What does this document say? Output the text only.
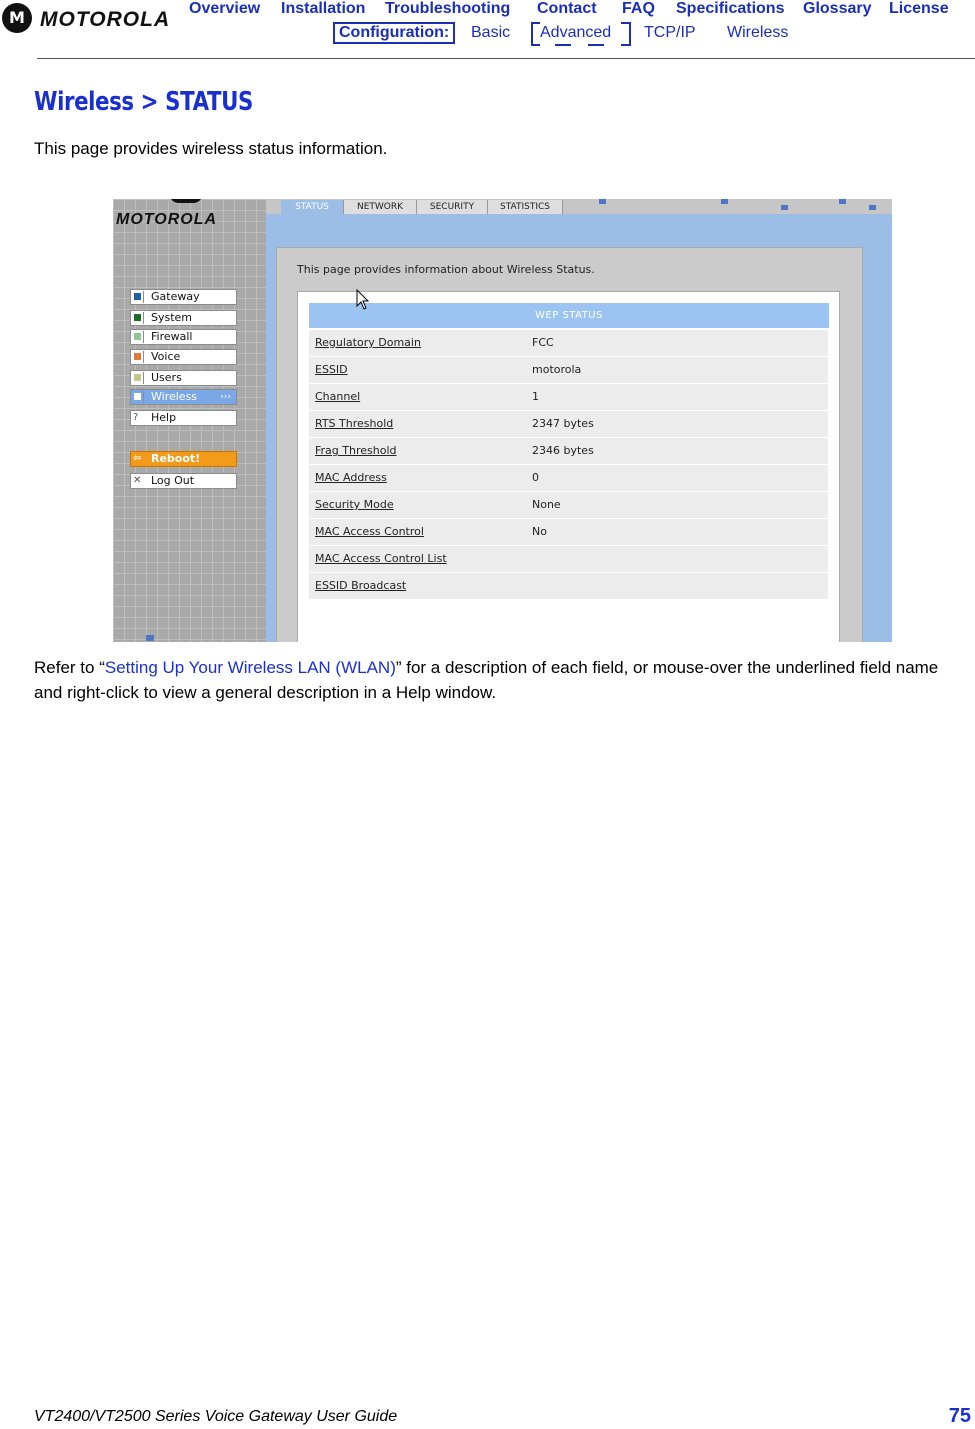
M MOTOROLA Overview Installation Troubleshooting Contact FAQ Specifications Glossary License
Configuration: Basic Advanced TCP/IP Wireless
Wireless > STATUS
This page provides wireless status information.
MOTOROLA
Gateway
System
Firewall
Voice
Users
Wireless	›››
? Help
⇦ Reboot!
✕ Log Out
STATUS	NETWORK	SECURITY	STATISTICS
This page provides information about Wireless Status.
WEP STATUS
Regulatory Domain	FCC
ESSID	motorola
Channel	1
RTS Threshold	2347 bytes
Frag Threshold	2346 bytes
MAC Address	0
Security Mode	None
MAC Access Control	No
MAC Access Control List
ESSID Broadcast
Refer to “Setting Up Your Wireless LAN (WLAN)” for a description of each field, or mouse-over the underlined field name and right-click to view a general description in a Help window.
VT2400/VT2500 Series Voice Gateway User Guide	75
